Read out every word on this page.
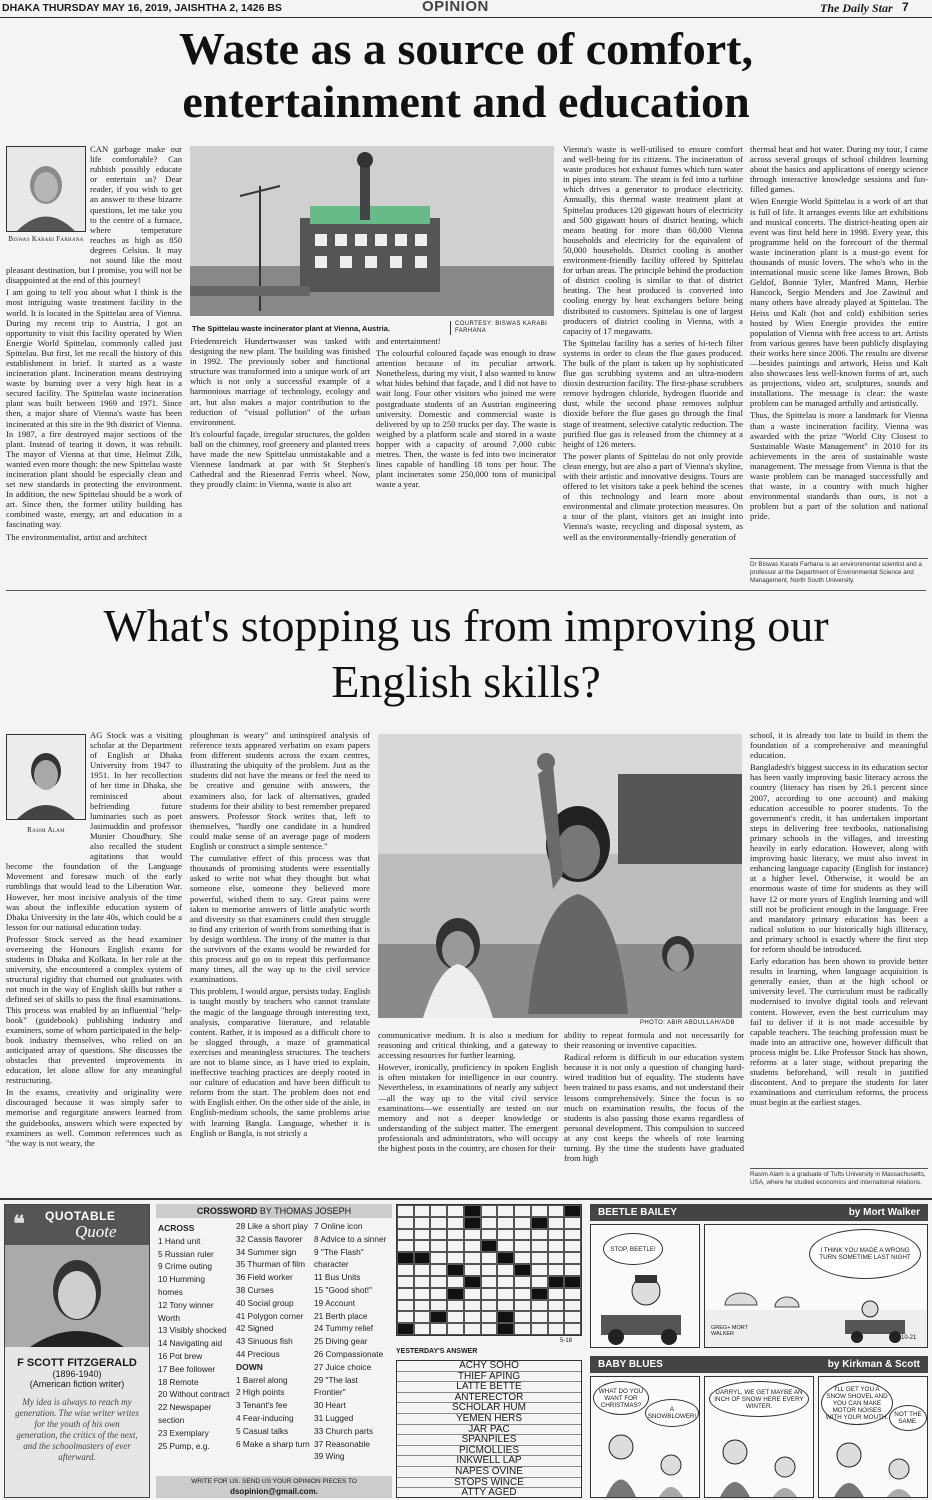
DHAKA THURSDAY MAY 16, 2019, JAISHTHA 2, 1426 BS	OPINION	The Daily Star 7
Waste as a source of comfort, entertainment and education
Biswas Karabi Farhana

CAN garbage make our life comfortable? Can rubbish possibly educate or entertain us? Dear reader, if you wish to get an answer to these bizarre questions, let me take you to the centre of a furnace, where temperature reaches as high as 850 degrees Celsius. It may not sound like the most pleasant destination, but I promise, you will not be disappointed at the end of this journey!

I am going to tell you about what I think is the most intriguing waste treatment facility in the world. It is located in the Spittelau area of Vienna. During my recent trip to Austria, I got an opportunity to visit this facility operated by Wien Energie World Spittelau, commonly called just Spittelau. But first, let me recall the history of this establishment in brief. It started as a waste incineration plant. Incineration means destroying waste by burning over a very high heat in a secured facility. The Spittelau waste incineration plant was built between 1969 and 1971. Since then, a major share of Vienna's waste has been incinerated at this site in the 9th district of Vienna. In 1987, a fire destroyed major sections of the plant. Instead of tearing it down, it was rebuilt. The mayor of Vienna at that time, Helmut Zilk, wanted even more though: the new Spittelau waste incineration plant should be especially clean and set new standards in protecting the environment. In addition, the new Spittelau should be a work of art. Since then, the former utility building has combined waste, energy, art and education in a fascinating way.

The environmentalist, artist and architect

The Spittelau waste incinerator plant at Vienna, Austria.	COURTESY: BISWAS KARABI FARHANA

Friedensreich Hundertwasser was tasked with designing the new plant. The building was finished in 1992. The previously sober and functional structure was transformed into a unique work of art which is not only a successful example of a harmonious marriage of technology, ecology and art, but also makes a major contribution to the reduction of "visual pollution" of the urban environment.

It's colourful façade, irregular structures, the golden ball on the chimney, roof greenery and planted trees have made the new Spittelau unmistakable and a Viennese landmark at par with St Stephen's Cathedral and the Riesenrad Ferris wheel. Now, they proudly claim: in Vienna, waste is also art

and entertainment!

The colourful coloured façade was enough to draw attention because of its peculiar artwork. Nonetheless, during my visit, I also wanted to know what hides behind that façade, and I did not have to wait long. Four other visitors who joined me were postgraduate students of an Austrian engineering university. Domestic and commercial waste is delivered by up to 250 trucks per day. The waste is weighed by a platform scale and stored in a waste hopper with a capacity of around 7,000 cubic metres. Then, the waste is fed into two incinerator lines capable of handling 18 tons per hour. The plant incinerates some 250,000 tons of municipal waste a year.

Vienna's waste is well-utilised to ensure comfort and well-being for its citizens. The incineration of waste produces hot exhaust fumes which turn water in pipes into steam. The steam is fed into a turbine which drives a generator to produce electricity. Annually, this thermal waste treatment plant at Spittelau produces 120 gigawatt hours of electricity and 500 gigawatt hours of district heating, which means heating for more than 60,000 Vienna households and electricity for the equivalent of 50,000 households. District cooling is another environment-friendly facility offered by Spittelau for urban areas. The principle behind the production of district cooling is similar to that of district heating. The heat produced is converted into cooling energy by heat exchangers before being distributed to customers. Spittelau is one of largest producers of district cooling in Vienna, with a capacity of 17 megawatts.

The Spittelau facility has a series of hi-tech filter systems in order to clean the flue gases produced. The bulk of the plant is taken up by sophisticated flue gas scrubbing systems and an ultra-modern dioxin destruction facility. The first-phase scrubbers remove hydrogen chloride, hydrogen fluoride and dust, while the second phase removes sulphur dioxide before the flue gases go through the final stage of treatment, selective catalytic reduction. The purified flue gas is released from the chimney at a height of 126 meters.

The power plants of Spittelau do not only provide clean energy, but are also a part of Vienna's skyline, with their artistic and innovative designs. Tours are offered to let visitors take a peek behind the scenes of this technology and learn more about environmental and climate protection measures. On a tour of the plant, visitors get an insight into Vienna's waste, recycling and disposal system, as well as the environmentally-friendly generation of

thermal heat and hot water. During my tour, I came across several groups of school children learning about the basics and applications of energy science through interactive knowledge sessions and fun-filled games.

Wien Energie World Spittelau is a work of art that is full of life. It arranges events like art exhibitions and musical concerts. The district-heating open air event was first held here in 1998. Every year, this programme held on the forecourt of the thermal waste incineration plant is a must-go event for thousands of music lovers. The who's who in the international music scene like James Brown, Bob Geldof, Bonnie Tyler, Manfred Mann, Herbie Hancock, Sergio Menders and Joe Zawinul and many others have already played at Spittelau. The Heiss und Kalt (hot and cold) exhibition series hosted by Wien Energie provides the entire population of Vienna with free access to art. Artists from various genres have been publicly displaying their works here since 2006. The results are diverse—besides paintings and artwork, Heiss und Kalt also showcases less well-known forms of art, such as projections, video art, sculptures, sounds and installations. The message is clear: the waste problem can be managed artfully and artistically.

Thus, the Spittelau is more a landmark for Vienna than a waste incineration facility. Vienna was awarded with the prize "World City Closest to Sustainable Waste Management" in 2010 for its achievements in the area of sustainable waste management. The message from Vienna is that the waste problem can be managed successfully and that waste, in a country with much higher environmental standards than ours, is not a problem but a part of the solution and national pride.

Dr Biswas Karabi Farhana is an environmental scientist and a professor at the Department of Environmental Science and Management, North South University.
What's stopping us from improving our English skills?
Rasim Alam

AG Stock was a visiting scholar at the Department of English at Dhaka University from 1947 to 1951. In her recollection of her time in Dhaka, she reminisced about befriending future luminaries such as poet Jasimuddin and professor Munier Choudhury. She also recalled the student agitations that would become the foundation of the Language Movement and foresaw much of the early rumblings that would lead to the Liberation War. However, her most incisive analysis of the time was about the inflexible education system of Dhaka University in the late 40s, which could be a lesson for our national education today.

Professor Stock served as the head examiner overseeing the Honours English exams for students in Dhaka and Kolkata. In her role at the university, she encountered a complex system of structural rigidity that churned out graduates with not much in the way of English skills but rather a defined set of skills to pass the final examinations. This process was enabled by an influential "help-book" (guidebook) publishing industry and examiners, some of whom participated in the help-book industry themselves, who relied on an anticipated array of questions. She discusses the obstacles that prevented improvements in education, let alone allow for any meaningful restructuring.

In the exams, creativity and originality were discouraged because it was simply safer to memorise and regurgitate answers learned from the guidebooks, answers which were expected by examiners as well. Common references such as "the way is not weary, the

ploughman is weary" and uninspired analysis of reference texts appeared verbatim on exam papers from different students across the exam centres, illustrating the ubiquity of the problem. Just as the students did not have the means or feel the need to be creative and genuine with answers, the examiners also, for lack of alternatives, graded students for their ability to best remember prepared answers. Professor Stock writes that, left to themselves, "hardly one candidate in a hundred could make sense of an average page of modern English or construct a simple sentence."

The cumulative effect of this process was that thousands of promising students were essentially asked to write not what they thought but what someone else, someone they believed more powerful, wished them to say. Great pains were taken to memorise answers of little analytic worth and diversity so that examiners could then struggle to find any criterion of worth from something that is by design worthless. The irony of the matter is that the survivors of the exams would be rewarded for this process and go on to repeat this performance many times, all the way up to the civil service examinations.

This problem, I would argue, persists today. English is taught mostly by teachers who cannot translate the magic of the language through interesting text, analysis, comparative literature, and relatable content. Rather, it is imposed as a difficult chore to be slogged through, a maze of grammatical exercises and meaningless structures. The teachers are not to blame since, as I have tried to explain, ineffective teaching practices are deeply rooted in our culture of education and have been difficult to reform from the start. The problem does not end with English either. On the other side of the aisle, in English-medium schools, the same problems arise with learning Bangla. Language, whether it is English or Bangla, is not strictly a

PHOTO: ABIR ABDULLAH/ADB

communicative medium. It is also a medium for reasoning and critical thinking, and a gateway to accessing resources for further learning.

However, ironically, proficiency in spoken English is often mistaken for intelligence in our country. Nevertheless, in examinations of nearly any subject—all the way up to the vital civil service examinations—we essentially are tested on our memory and not a deeper knowledge or understanding of the subject matter. The emergent professionals and administrators, who will occupy the highest posts in the country, are chosen for their

ability to repeat formula and not necessarily for their reasoning or inventive capacities.

Radical reform is difficult in our education system because it is not only a question of changing hard-wired tradition but of equality. The students have been trained to pass exams, and not understand their lessons comprehensively. Since the focus is so much on examination results, the focus of the students is also passing those exams regardless of personal development. This compulsion to succeed at any cost keeps the wheels of rote learning turning. By the time the students have graduated from high

school, it is already too late to build in them the foundation of a comprehensive and meaningful education.

Bangladesh's biggest success in its education sector has been vastly improving basic literacy across the country (literacy has risen by 26.1 percent since 2007, according to one account) and making education accessible to poorer students. To the government's credit, it has undertaken important steps in delivering free textbooks, nationalising primary schools in the villages, and investing heavily in early education. However, along with improving basic literacy, we must also invest in enhancing language capacity (English for instance) at a higher level. Otherwise, it would be an enormous waste of time for students as they will have 12 or more years of English learning and will still not be proficient enough in the language. Free and mandatory primary education has been a radical solution to our historically high illiteracy, and primary school is exactly where the first step for reform should be introduced.

Early education has been shown to provide better results in learning, when language acquisition is generally easier, than at the high school or university level. The curriculum must be radically modernised to involve digital tools and relevant content. However, even the best curriculum may fail to deliver if it is not made accessible by capable teachers. The teaching profession must be made into an attractive one, however difficult that process might be. Like Professor Stock has shown, reforms at a later stage, without preparing the students beforehand, will result in justified discontent. And to prepare the students for later examinations and curriculum reforms, the process must begin at the earliest stages.

Rasim Alam is a graduate of Tufts University in Massachusetts, USA, where he studied economics and international relations.
❝ QUOTABLE
Quote
F SCOTT FITZGERALD
(1896-1940)
(American fiction writer)
My idea is always to reach my generation. The wise writer writes for the youth of his own generation, the critics of the next, and the schoolmasters of ever afterward.
CROSSWORD BY THOMAS JOSEPH
ACROSS
1 Hand unit
5 Russian ruler
9 Crime outing
10 Humming
homes
12 Tony winner
Worth
13 Visibly shocked
14 Navigating aid
16 Pot brew
17 Bee follower
18 Remote
20 Without contract
22 Newspaper
section
23 Exemplary
25 Pump, e.g.
28 Like a short play
32 Cassis flavorer
34 Summer sign
35 Thurman of film
36 Field worker
38 Curses
40 Social group
41 Polygon corner
42 Signed
43 Sinuous fish
44 Precious
DOWN
1 Barrel along
2 High points
3 Tenant's fee
4 Fear-inducing
5 Casual talks
6 Make a sharp turn
7 Online icon
8 Advice to a sinner
9 "The Flash"
character
11 Bus Units
15 "Good shot!"
19 Account
21 Berth place
24 Tummy relief
25 Diving gear
26 Compassionate
27 Juice choice
29 "The last
Frontier"
30 Heart
31 Lugged
33 Church parts
37 Reasonable
39 Wing
WRITE FOR US. SEND US YOUR OPINION PIECES TO
dsopinion@gmail.com.
5-18
YESTERDAY'S ANSWER
ACHY SOHO
THIEF APING
LATTE BETTE
ANTERECTOR
SCHOLAR HUM
YEMEN HERS
JAR PAC
SPANPILES
PICMOLLIES
INKWELL LAP
NAPES OVINE
STOPS WINCE
ATTY AGED
BEETLE BAILEY	by Mort Walker
STOP, BEETLE!	I THINK YOU MADE A WRONG TURN SOMETIME LAST NIGHT
GREG+ MORT WALKER
10-21
BABY BLUES	by Kirkman & Scott
WHAT DO YOU WANT FOR CHRISTMAS?
A SNOWBLOWER!
DARRYL, WE GET MAYBE AN INCH OF SNOW HERE EVERY WINTER.
I'LL GET YOU A SNOW SHOVEL AND YOU CAN MAKE MOTOR NOISES WITH YOUR MOUTH. NOT THE SAME.
